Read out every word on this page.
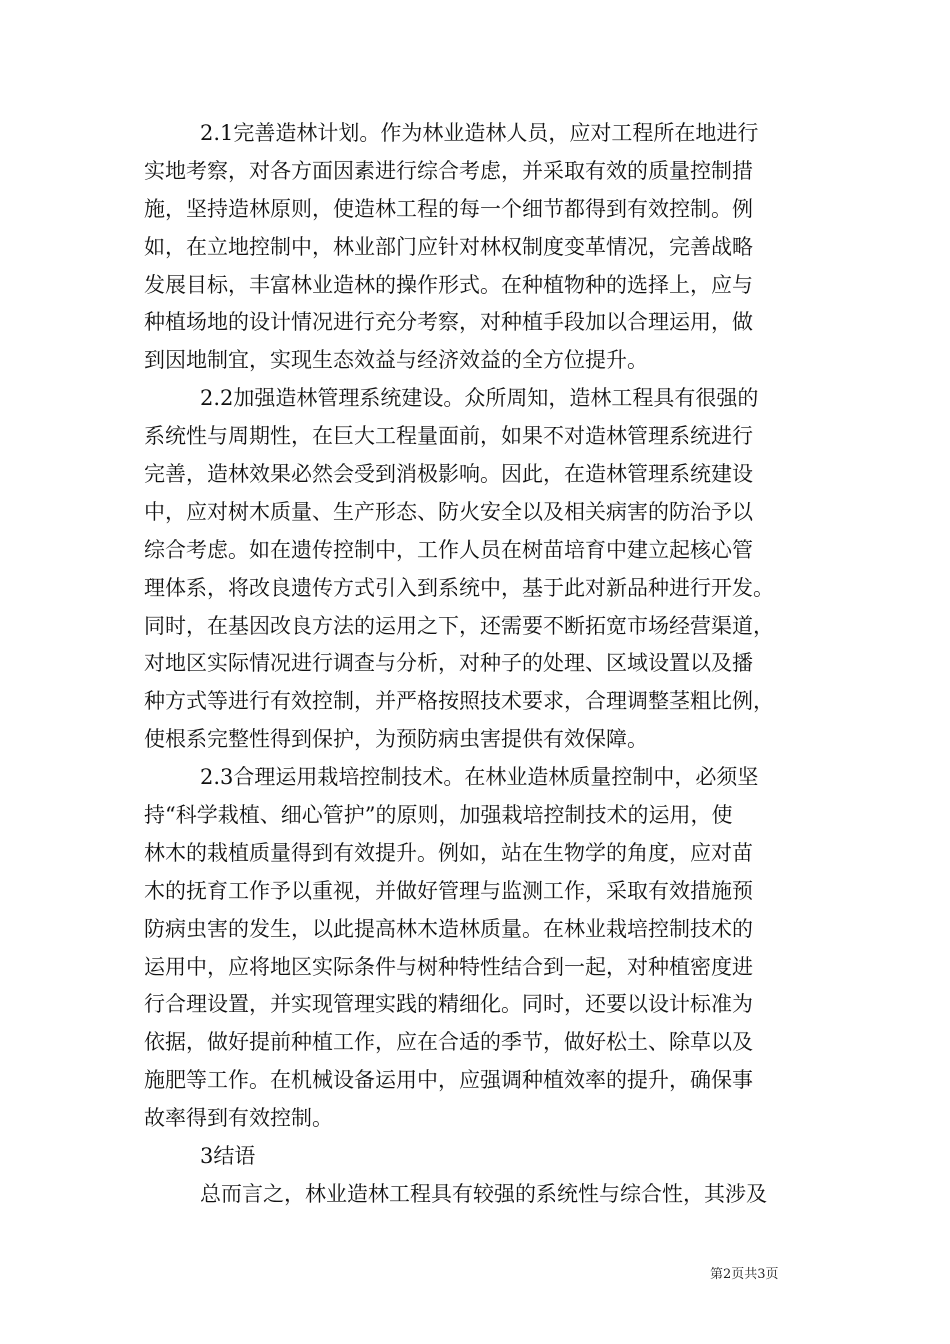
2.1完善造林计划。作为林业造林人员，应对工程所在地进行
实地考察，对各方面因素进行综合考虑，并采取有效的质量控制措
施，坚持造林原则，使造林工程的每一个细节都得到有效控制。例
如，在立地控制中，林业部门应针对林权制度变革情况，完善战略
发展目标，丰富林业造林的操作形式。在种植物种的选择上，应与
种植场地的设计情况进行充分考察，对种植手段加以合理运用，做
到因地制宜，实现生态效益与经济效益的全方位提升。
2.2加强造林管理系统建设。众所周知，造林工程具有很强的
系统性与周期性，在巨大工程量面前，如果不对造林管理系统进行
完善，造林效果必然会受到消极影响。因此，在造林管理系统建设
中，应对树木质量、生产形态、防火安全以及相关病害的防治予以
综合考虑。如在遗传控制中，工作人员在树苗培育中建立起核心管
理体系，将改良遗传方式引入到系统中，基于此对新品种进行开发。
同时，在基因改良方法的运用之下，还需要不断拓宽市场经营渠道，
对地区实际情况进行调查与分析，对种子的处理、区域设置以及播
种方式等进行有效控制，并严格按照技术要求，合理调整茎粗比例，
使根系完整性得到保护，为预防病虫害提供有效保障。
2.3合理运用栽培控制技术。在林业造林质量控制中，必须坚
持“科学栽植、细心管护”的原则，加强栽培控制技术的运用，使
林木的栽植质量得到有效提升。例如，站在生物学的角度，应对苗
木的抚育工作予以重视，并做好管理与监测工作，采取有效措施预
防病虫害的发生，以此提高林木造林质量。在林业栽培控制技术的
运用中，应将地区实际条件与树种特性结合到一起，对种植密度进
行合理设置，并实现管理实践的精细化。同时，还要以设计标准为
依据，做好提前种植工作，应在合适的季节，做好松土、除草以及
施肥等工作。在机械设备运用中，应强调种植效率的提升，确保事
故率得到有效控制。
3结语
总而言之，林业造林工程具有较强的系统性与综合性，其涉及
第2页共3页
